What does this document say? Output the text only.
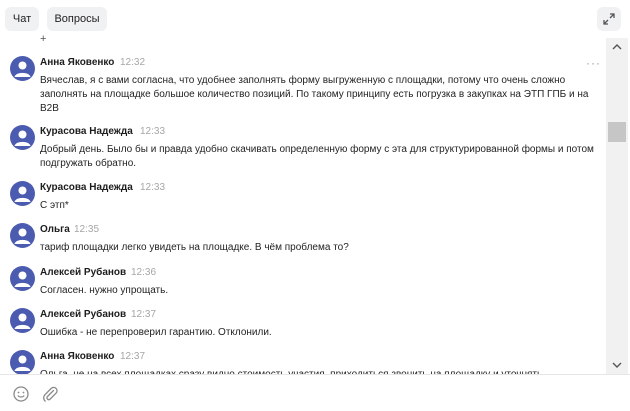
Чат	Вопросы
+
Анна Яковенко 12:32	···
Вячеслав, я с вами согласна, что удобнее заполнять форму выгруженную с площадки, потому что очень сложно заполнять на площадке большое количество позиций. По такому принципу есть погрузка в закупках на ЭТП ГПБ и на B2B
Курасова Надежда 12:33
Добрый день. Было бы и правда удобно скачивать определенную форму с эта для структурированной формы и потом подгружать обратно.
Курасова Надежда 12:33
С этп*
Ольга 12:35
тариф площадки легко увидеть на площадке. В чём проблема то?
Алексей Рубанов 12:36
Согласен. нужно упрощать.
Алексей Рубанов 12:37
Ошибка - не перепроверил гарантию. Отклонили.
Анна Яковенко 12:37
